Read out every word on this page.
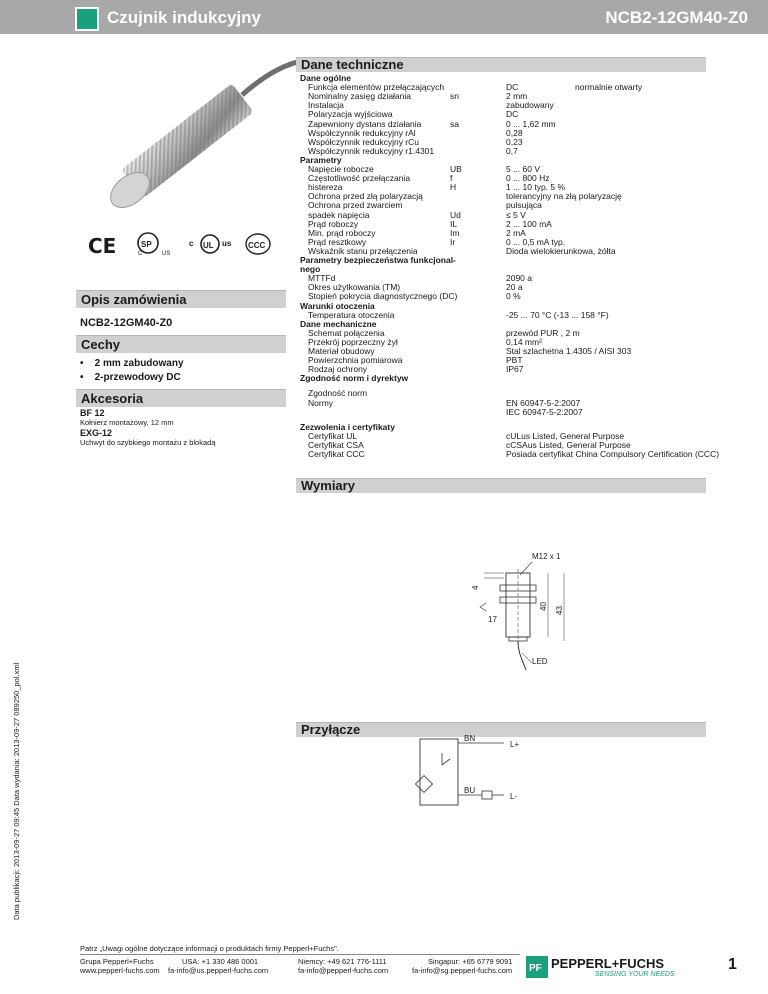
Czujnik indukcyjny	NCB2-12GM40-Z0
CE	SP
C	US
UL
c	us CCC
Opis zamówienia
NCB2-12GM40-Z0
Cechy
•    2 mm zabudowany
•    2-przewodowy DC
Akcesoria
BF 12
Kołnierz montażowy, 12 mm
EXG-12
Uchwyt do szybkiego montażu z blokadą
Dane techniczne
Dane ogólne
Funkcja elementów przełączających	DC	normalnie otwarty
Nominalny zasięg działania	sn	2 mm
Instalacja	zabudowany
Polaryzacja wyjściowa	DC
Zapewniony dystans działania	sa	0 ... 1,62 mm
Współczynnik redukcyjny rAl	0,28
Współczynnik redukcyjny rCu	0,23
Współczynnik redukcyjny r1.4301	0,7
Parametry
Napięcie robocze	UB	5 ... 60 V
Częstotliwość przełączania	f	0 ... 800 Hz
histereza	H	1 ... 10 typ. 5 %
Ochrona przed złą polaryzacją	tolerancyjny na złą polaryzację
Ochrona przed zwarciem	pulsująca
spadek napięcia	Ud	≤ 5 V
Prąd roboczy	IL	2 ... 100 mA
Min. prąd roboczy	Im	2 mA
Prąd resztkowy	Ir	0 ... 0,5 mA typ.
Wskaźnik stanu przełączenia	Dioda wielokierunkowa, żółta
Parametry bezpieczeństwa funkcjonal-
nego
MTTFd	2090 a
Okres użytkowania (TM)	20 a
Stopień pokrycia diagnostycznego (DC)	0 %
Warunki otoczenia
Temperatura otoczenia	-25 ... 70 °C (-13 ... 158 °F)
Dane mechaniczne
Schemat połączenia	przewód PUR , 2 m
Przekrój poprzeczny żył	0,14 mm²
Materiał obudowy	Stal szlachetna 1.4305 / AISI 303
Powierzchnia pomiarowa	PBT
Rodzaj ochrony	IP67
Zgodność norm i dyrektyw
Zgodność norm
Normy	EN 60947-5-2:2007
IEC 60947-5-2:2007
Zezwolenia i certyfikaty
Certyfikat UL	cULus Listed, General Purpose
Certyfikat CSA	cCSAus Listed, General Purpose
Certyfikat CCC	Posiada certyfikat China Compulsory Certification (CCC)
Wymiary
M12 x 1
4
40 43
17
LED
Przyłącze
BN
L+
BU
L-
Data publikacji: 2013-09-27 09:45 Data wydania: 2013-09-27 089250_pol.xml
Patrz „Uwagi ogólne dotyczące informacji o produktach firmy Pepperl+Fuchs".
Grupa Pepperl+Fuchs
www.pepperl-fuchs.com
USA: +1 330 486 0001
fa-info@us.pepperl-fuchs.com
Niemcy: +49 621 776-1111
fa-info@pepperl-fuchs.com
Singapur: +65 6779 9091
fa-info@sg.pepperl-fuchs.com PF PEPPERL+FUCHS
SENSING YOUR NEEDS
1
